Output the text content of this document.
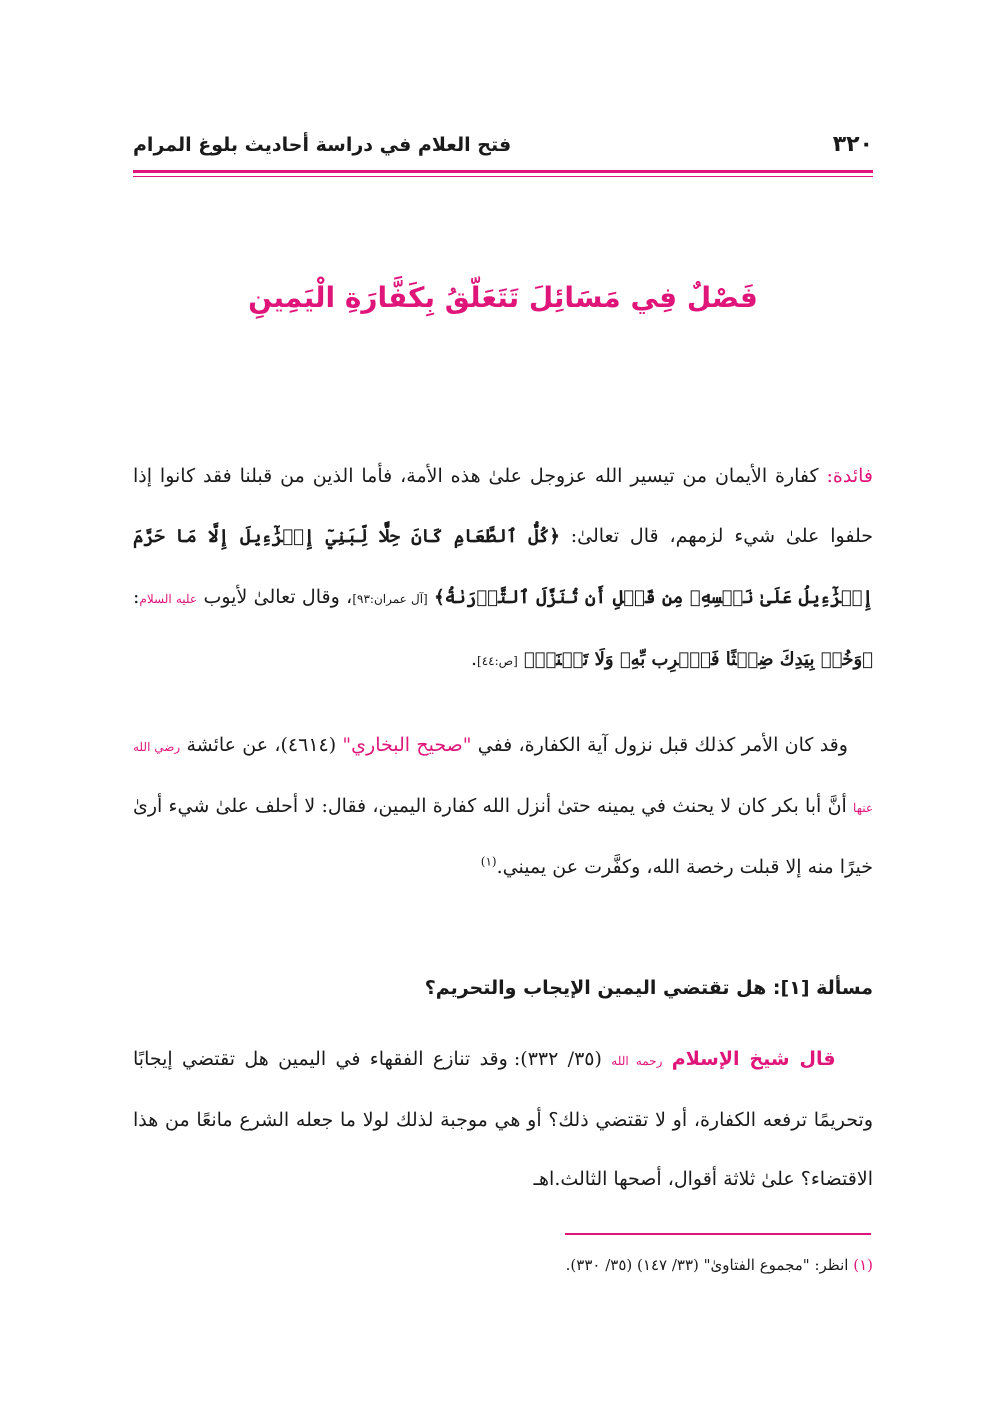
٣٢٠
فتح العلام في دراسة أحاديث بلوغ المرام
فَصْلٌ فِي مَسَائِلَ تَتَعَلّقُ بِكَفَّارَةِ الْيَمِينِ
فائدة: كفارة الأيمان من تيسير الله عزوجل علىٰ هذه الأمة، فأما الذين من قبلنا فقد كانوا إذا حلفوا علىٰ شيء لزمهم، قال تعالىٰ: ﴿كُلُّ ٱلطَّعَامِ كَانَ حِلًّا لِّبَنِيٓ إِسۡرَٰٓءِيلَ إِلَّا مَا حَرَّمَ إِسۡرَٰٓءِيلُ عَلَىٰ نَفۡسِهِۦ مِن قَبۡلِ أَن تُنَزَّلَ ٱلتَّوۡرَىٰةُ﴾ [آل عمران:٩٣]، وقال تعالىٰ لأيوب عليه السلام: ﴿وَخُذۡ بِيَدِكَ ضِغۡثًا فَٱضۡرِب بِّهِۦ وَلَا تَحۡنَثۡ﴾ [ص:٤٤].
وقد كان الأمر كذلك قبل نزول آية الكفارة، ففي "صحيح البخاري" (٤٦١٤)، عن عائشة رضي الله عنها أنَّ أبا بكر كان لا يحنث في يمينه حتىٰ أنزل الله كفارة اليمين، فقال: لا أحلف علىٰ شيء أرىٰ خيرًا منه إلا قبلت رخصة الله، وكفَّرت عن يميني.$^{(١)}$
مسألة [١]: هل تقتضي اليمين الإيجاب والتحريم؟
قال شيخ الإسلام رحمه الله (٣٥/ ٣٣٢): وقد تنازع الفقهاء في اليمين هل تقتضي إيجابًا وتحريمًا ترفعه الكفارة، أو لا تقتضي ذلك؟ أو هي موجبة لذلك لولا ما جعله الشرع مانعًا من هذا الاقتضاء؟ علىٰ ثلاثة أقوال، أصحها الثالث.اهـ
(١) انظر: "مجموع الفتاوىٰ" (٣٣/ ١٤٧) (٣٥/ ٣٣٠).
